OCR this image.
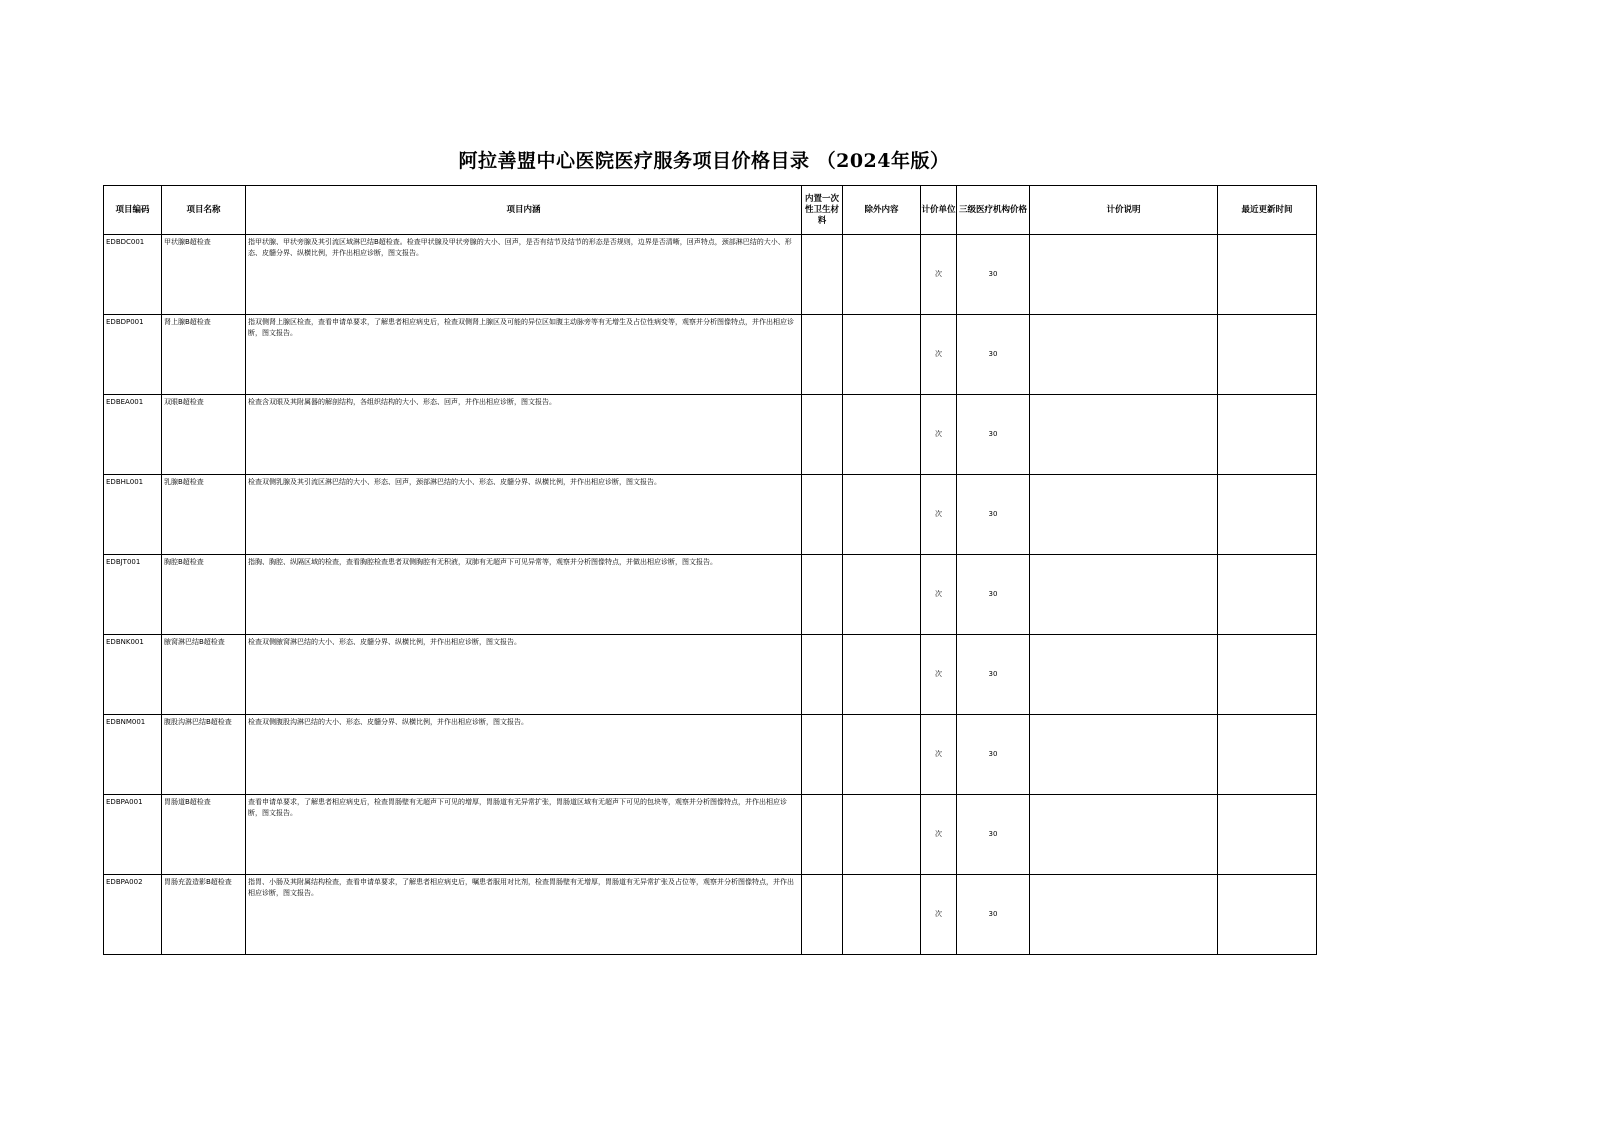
阿拉善盟中心医院医疗服务项目价格目录 （2024年版）
项目编码	项目名称	项目内涵	内置一次性卫生材料	除外内容	计价单位	三级医疗机构价格	计价说明	最近更新时间
EDBDC001	甲状腺B超检查	指甲状腺、甲状旁腺及其引流区域淋巴结B超检查。检查甲状腺及甲状旁腺的大小、回声，是否有结节及结节的形态是否规则，边界是否清晰，回声特点，颈部淋巴结的大小、形态、皮髓分界、纵横比例，并作出相应诊断，图文报告。			次	30		
EDBDP001	肾上腺B超检查	指双侧肾上腺区检查，查看申请单要求，了解患者相应病史后，检查双侧肾上腺区及可能的异位区如腹主动脉旁等有无增生及占位性病变等，观察并分析图像特点，并作出相应诊断，图文报告。			次	30		
EDBEA001	双眼B超检查	检查含双眼及其附属器的解剖结构，各组织结构的大小、形态、回声，并作出相应诊断，图文报告。			次	30		
EDBHL001	乳腺B超检查	检查双侧乳腺及其引流区淋巴结的大小、形态、回声，颈部淋巴结的大小、形态、皮髓分界、纵横比例，并作出相应诊断，图文报告。			次	30		
EDBJT001	胸腔B超检查	指胸、胸腔、纵隔区域的检查，查看胸腔检查患者双侧胸腔有无积液，双肺有无超声下可见异常等，观察并分析图像特点，并做出相应诊断，图文报告。			次	30		
EDBNK001	腋窝淋巴结B超检查	检查双侧腋窝淋巴结的大小、形态、皮髓分界、纵横比例，并作出相应诊断，图文报告。			次	30		
EDBNM001	腹股沟淋巴结B超检查	检查双侧腹股沟淋巴结的大小、形态、皮髓分界、纵横比例，并作出相应诊断，图文报告。			次	30		
EDBPA001	胃肠道B超检查	查看申请单要求，了解患者相应病史后，检查胃肠壁有无超声下可见的增厚，胃肠道有无异常扩张，胃肠道区域有无超声下可见的包块等，观察并分析图像特点，并作出相应诊断，图文报告。			次	30		
EDBPA002	胃肠充盈造影B超检查	指胃、小肠及其附属结构检查，查看申请单要求，了解患者相应病史后，嘱患者服用对比剂，检查胃肠壁有无增厚，胃肠道有无异常扩张及占位等，观察并分析图像特点，并作出相应诊断，图文报告。			次	30		
